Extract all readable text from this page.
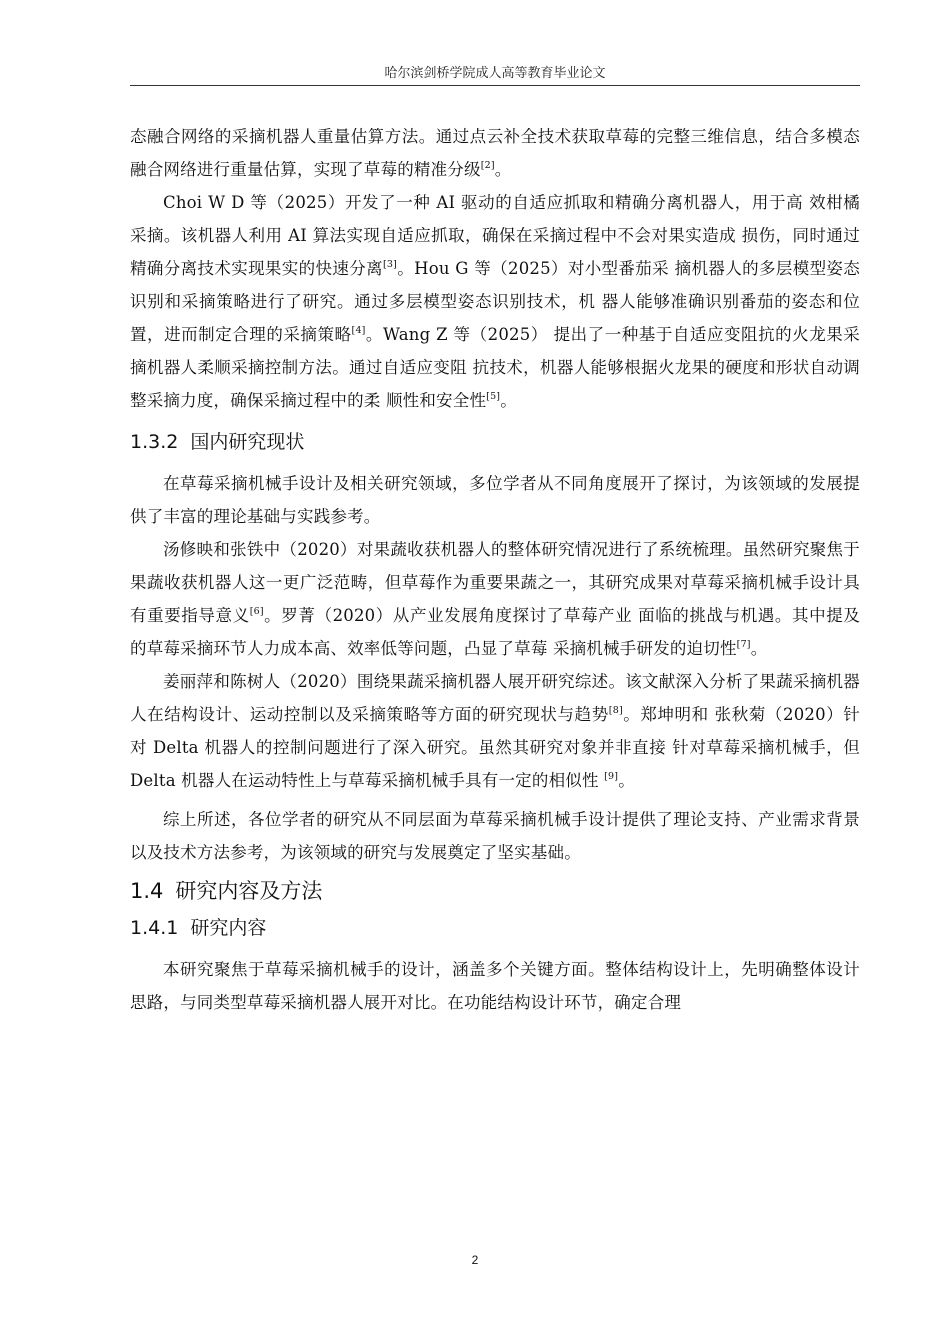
哈尔滨剑桥学院成人高等教育毕业论文

态融合网络的采摘机器人重量估算方法。通过点云补全技术获取草莓的完整三维信息，结合多模态融合网络进行重量估算，实现了草莓的精准分级[2]。

Choi W D 等（2025）开发了一种 AI 驱动的自适应抓取和精确分离机器人，用于高 效柑橘采摘。该机器人利用 AI 算法实现自适应抓取，确保在采摘过程中不会对果实造成 损伤，同时通过精确分离技术实现果实的快速分离[3]。Hou G 等（2025）对小型番茄采 摘机器人的多层模型姿态识别和采摘策略进行了研究。通过多层模型姿态识别技术，机 器人能够准确识别番茄的姿态和位置，进而制定合理的采摘策略[4]。Wang Z 等（2025） 提出了一种基于自适应变阻抗的火龙果采摘机器人柔顺采摘控制方法。通过自适应变阻 抗技术，机器人能够根据火龙果的硬度和形状自动调整采摘力度，确保采摘过程中的柔 顺性和安全性[5]。

1.3.2 国内研究现状

在草莓采摘机械手设计及相关研究领域，多位学者从不同角度展开了探讨，为该领域的发展提供了丰富的理论基础与实践参考。

汤修映和张铁中（2020）对果蔬收获机器人的整体研究情况进行了系统梳理。虽然研究聚焦于果蔬收获机器人这一更广泛范畴，但草莓作为重要果蔬之一，其研究成果对草莓采摘机械手设计具有重要指导意义[6]。罗菁（2020）从产业发展角度探讨了草莓产业 面临的挑战与机遇。其中提及的草莓采摘环节人力成本高、效率低等问题，凸显了草莓 采摘机械手研发的迫切性[7]。

姜丽萍和陈树人（2020）围绕果蔬采摘机器人展开研究综述。该文献深入分析了果蔬采摘机器人在结构设计、运动控制以及采摘策略等方面的研究现状与趋势[8]。郑坤明和 张秋菊（2020）针对 Delta 机器人的控制问题进行了深入研究。虽然其研究对象并非直接 针对草莓采摘机械手，但 Delta 机器人在运动特性上与草莓采摘机械手具有一定的相似性 [9]。

综上所述，各位学者的研究从不同层面为草莓采摘机械手设计提供了理论支持、产业需求背景以及技术方法参考，为该领域的研究与发展奠定了坚实基础。

1.4 研究内容及方法
1.4.1 研究内容

本研究聚焦于草莓采摘机械手的设计，涵盖多个关键方面。整体结构设计上，先明确整体设计思路，与同类型草莓采摘机器人展开对比。在功能结构设计环节，确定合理

2
